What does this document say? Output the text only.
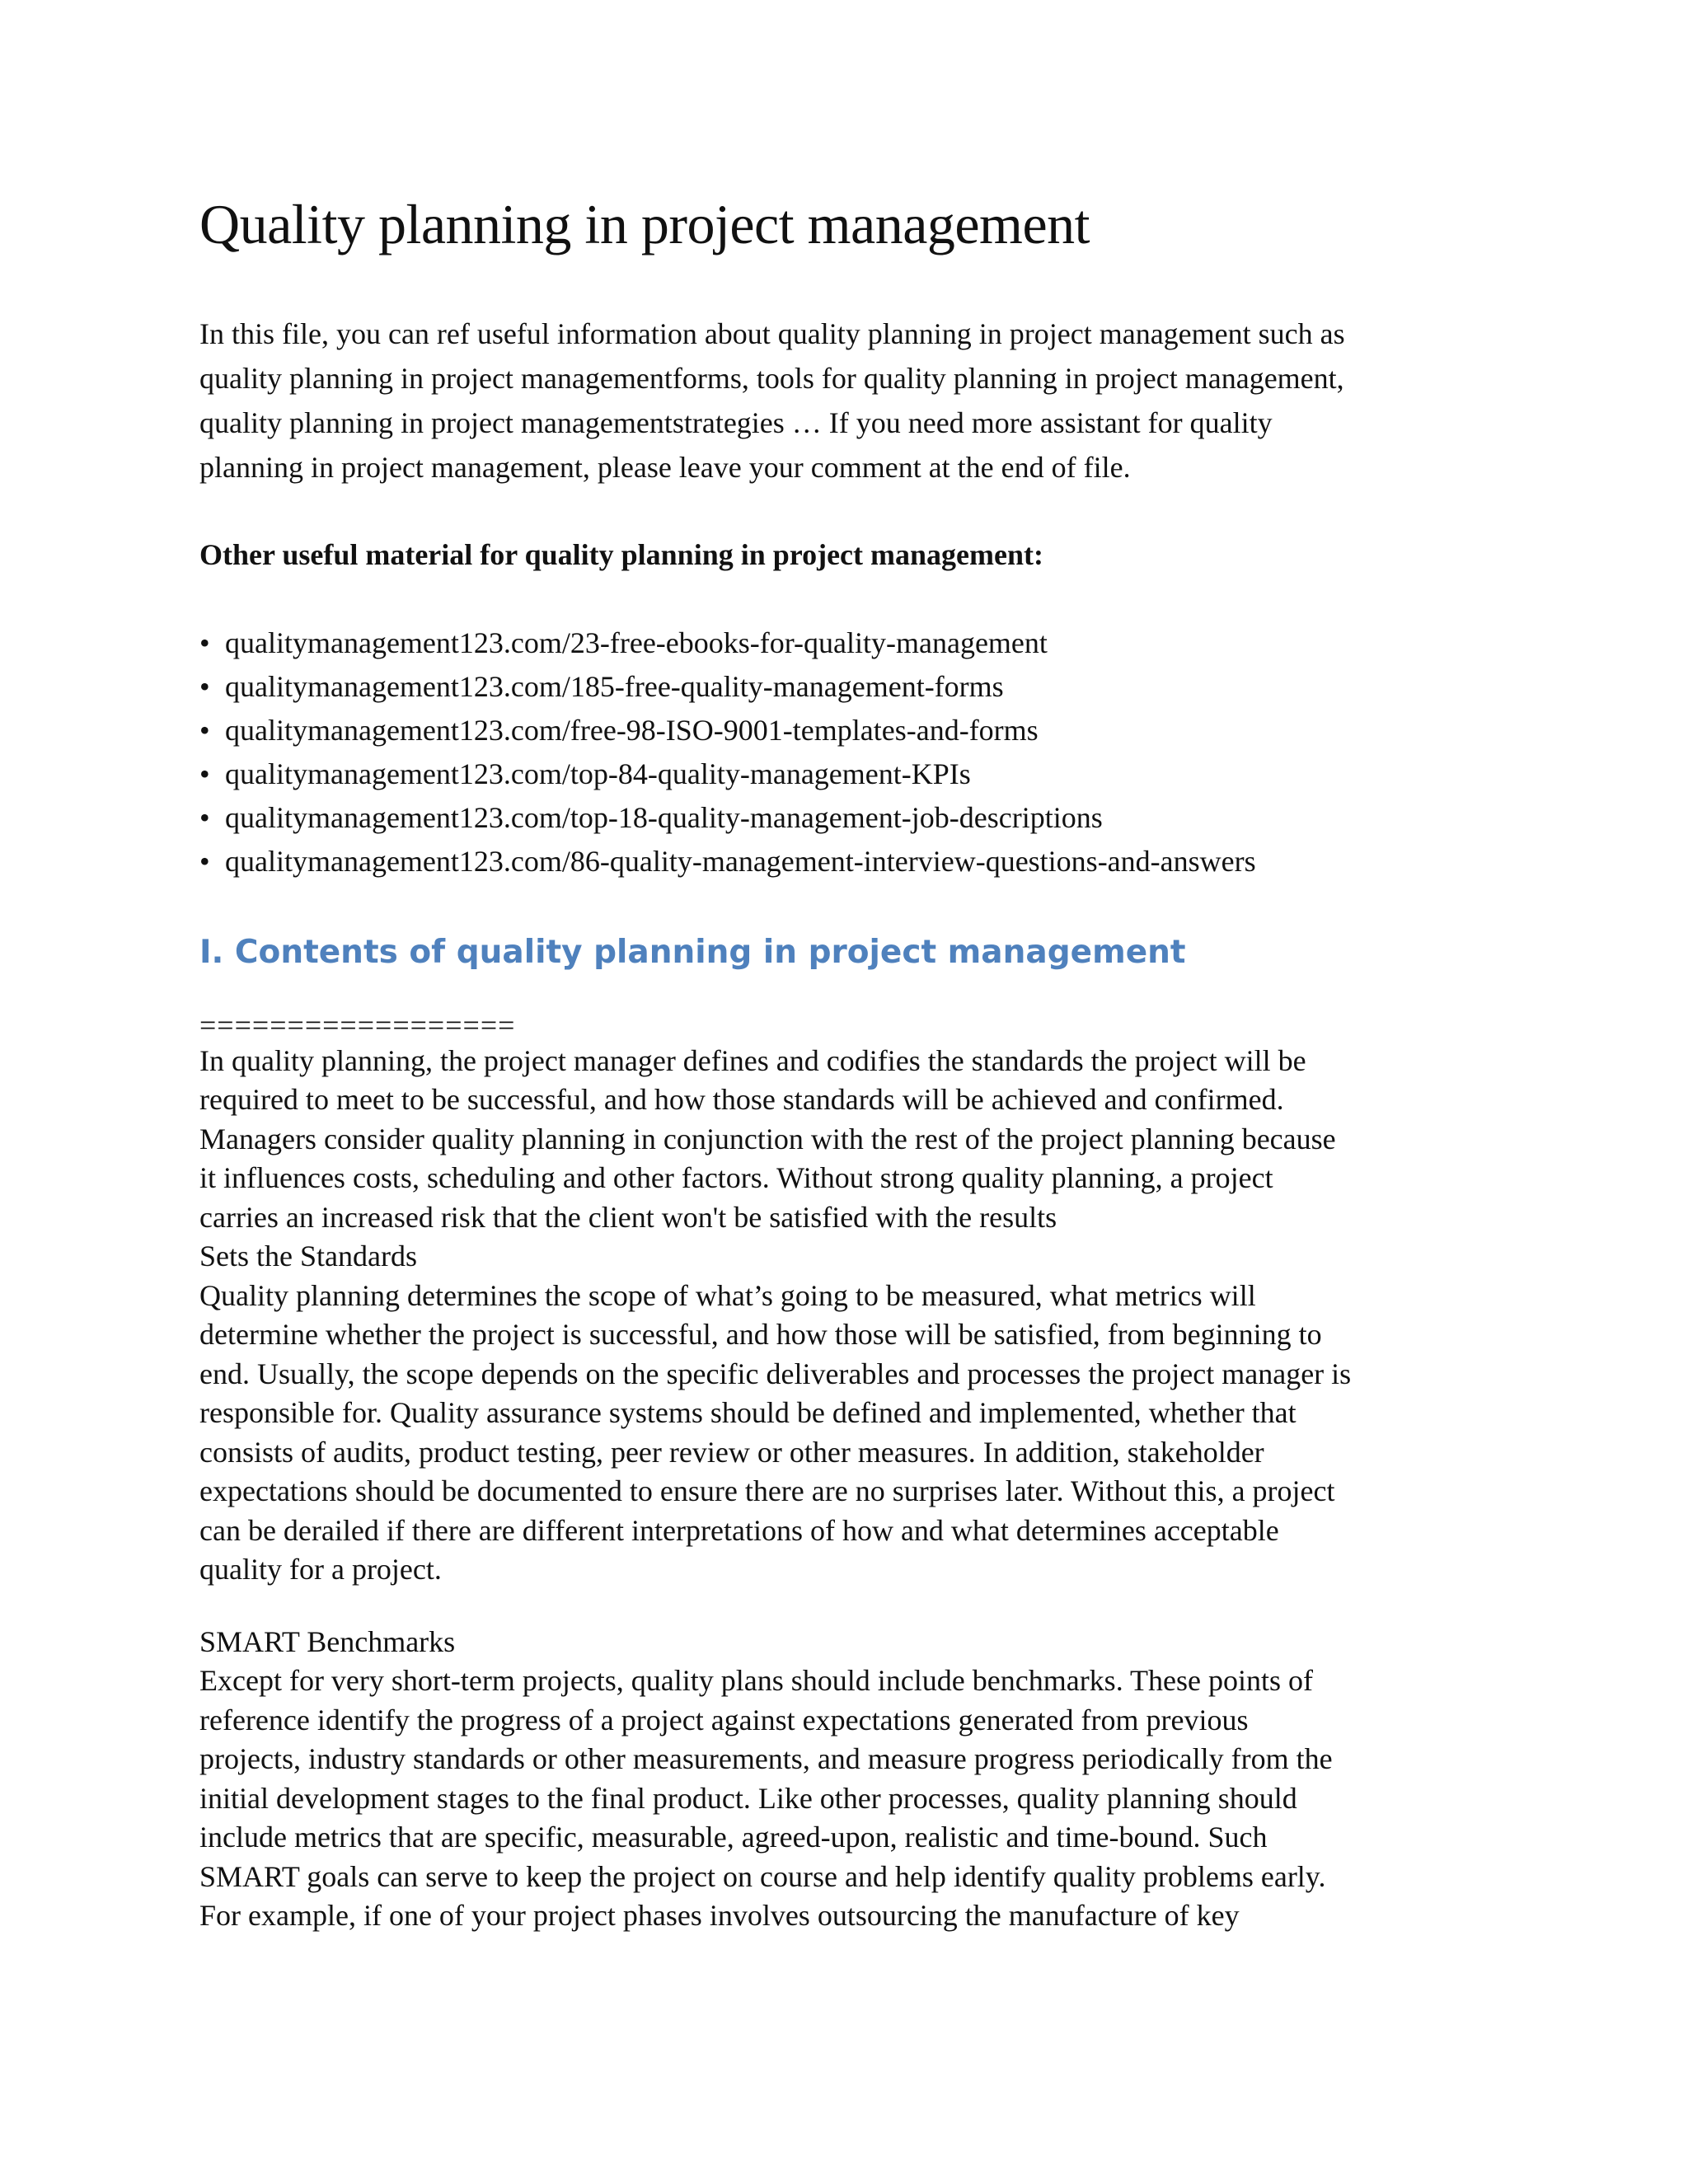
Quality planning in project management

In this file, you can ref useful information about quality planning in project management such as

quality planning in project managementforms, tools for quality planning in project management,

quality planning in project managementstrategies … If you need more assistant for quality

planning in project management, please leave your comment at the end of file.

Other useful material for quality planning in project management:
• qualitymanagement123.com/23-free-ebooks-for-quality-management
• qualitymanagement123.com/185-free-quality-management-forms
• qualitymanagement123.com/free-98-ISO-9001-templates-and-forms
• qualitymanagement123.com/top-84-quality-management-KPIs
• qualitymanagement123.com/top-18-quality-management-job-descriptions
• qualitymanagement123.com/86-quality-management-interview-questions-and-answers
I. Contents of quality planning in project management

==================

In quality planning, the project manager defines and codifies the standards the project will be

required to meet to be successful, and how those standards will be achieved and confirmed.

Managers consider quality planning in conjunction with the rest of the project planning because

it influences costs, scheduling and other factors. Without strong quality planning, a project

carries an increased risk that the client won't be satisfied with the results

Sets the Standards

Quality planning determines the scope of what’s going to be measured, what metrics will

determine whether the project is successful, and how those will be satisfied, from beginning to

end. Usually, the scope depends on the specific deliverables and processes the project manager is

responsible for. Quality assurance systems should be defined and implemented, whether that

consists of audits, product testing, peer review or other measures. In addition, stakeholder

expectations should be documented to ensure there are no surprises later. Without this, a project

can be derailed if there are different interpretations of how and what determines acceptable

quality for a project.

SMART Benchmarks

Except for very short-term projects, quality plans should include benchmarks. These points of

reference identify the progress of a project against expectations generated from previous

projects, industry standards or other measurements, and measure progress periodically from the

initial development stages to the final product. Like other processes, quality planning should

include metrics that are specific, measurable, agreed-upon, realistic and time-bound. Such

SMART goals can serve to keep the project on course and help identify quality problems early.

For example, if one of your project phases involves outsourcing the manufacture of key
